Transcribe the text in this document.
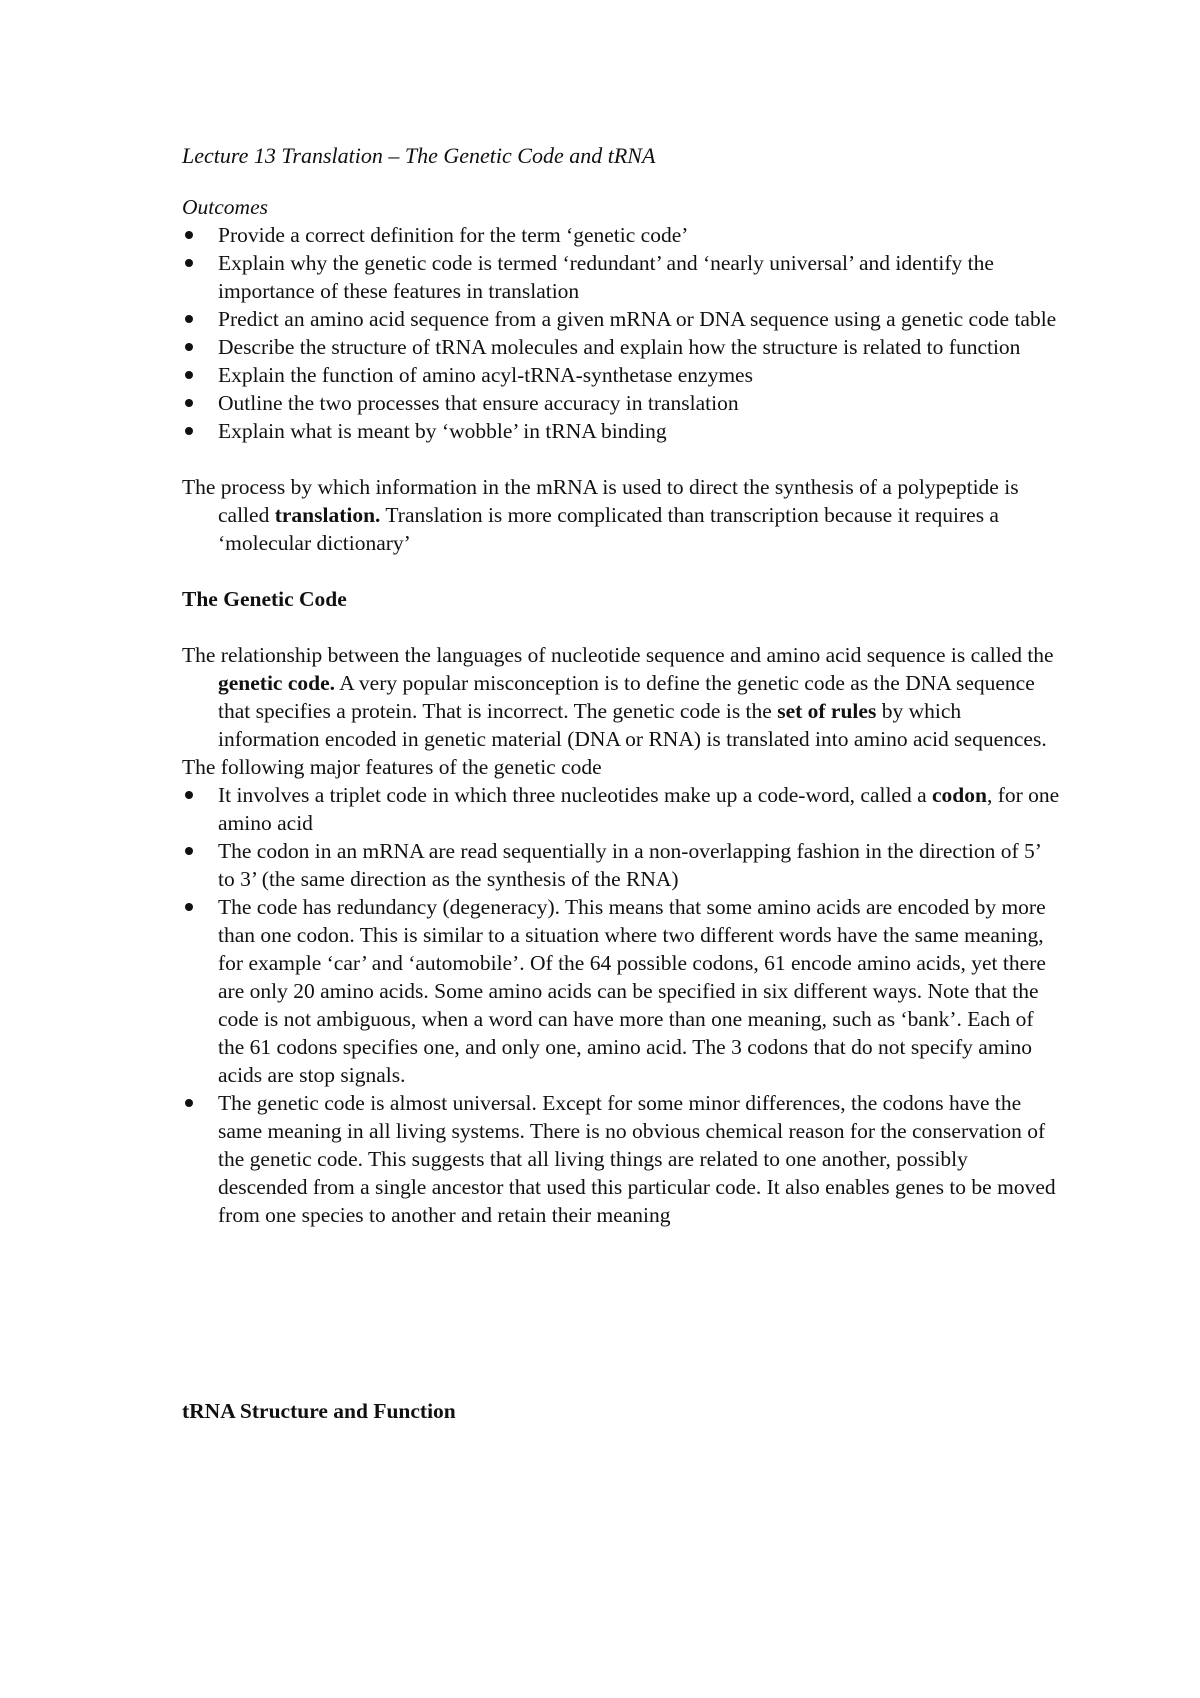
Lecture 13 Translation – The Genetic Code and tRNA

Outcomes

Provide a correct definition for the term ‘genetic code’
Explain why the genetic code is termed ‘redundant’ and ‘nearly universal’ and identify the importance of these features in translation
Predict an amino acid sequence from a given mRNA or DNA sequence using a genetic code table
Describe the structure of tRNA molecules and explain how the structure is related to function
Explain the function of amino acyl-tRNA-synthetase enzymes
Outline the two processes that ensure accuracy in translation
Explain what is meant by ‘wobble’ in tRNA binding

The process by which information in the mRNA is used to direct the synthesis of a polypeptide is called translation. Translation is more complicated than transcription because it requires a ‘molecular dictionary’

The Genetic Code

The relationship between the languages of nucleotide sequence and amino acid sequence is called the genetic code. A very popular misconception is to define the genetic code as the DNA sequence that specifies a protein. That is incorrect. The genetic code is the set of rules by which information encoded in genetic material (DNA or RNA) is translated into amino acid sequences.

The following major features of the genetic code

It involves a triplet code in which three nucleotides make up a code-word, called a codon, for one amino acid
The codon in an mRNA are read sequentially in a non-overlapping fashion in the direction of 5’ to 3’ (the same direction as the synthesis of the RNA)
The code has redundancy (degeneracy). This means that some amino acids are encoded by more than one codon. This is similar to a situation where two different words have the same meaning, for example ‘car’ and ‘automobile’. Of the 64 possible codons, 61 encode amino acids, yet there are only 20 amino acids. Some amino acids can be specified in six different ways. Note that the code is not ambiguous, when a word can have more than one meaning, such as ‘bank’. Each of the 61 codons specifies one, and only one, amino acid. The 3 codons that do not specify amino acids are stop signals.
The genetic code is almost universal. Except for some minor differences, the codons have the same meaning in all living systems. There is no obvious chemical reason for the conservation of the genetic code. This suggests that all living things are related to one another, possibly descended from a single ancestor that used this particular code. It also enables genes to be moved from one species to another and retain their meaning
tRNA Structure and Function
